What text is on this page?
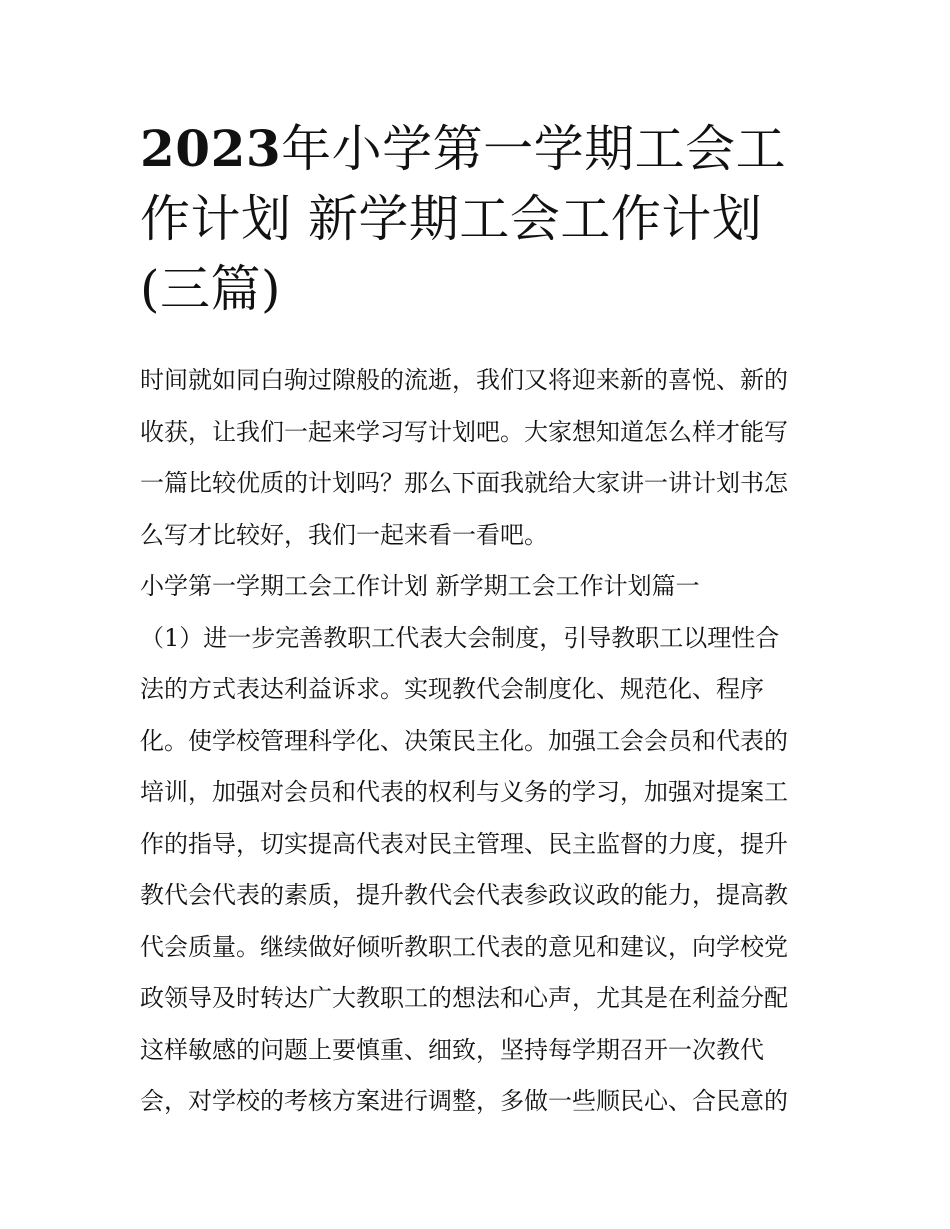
2023年小学第一学期工会工作计划 新学期工会工作计划(三篇)

时间就如同白驹过隙般的流逝，我们又将迎来新的喜悦、新的
收获，让我们一起来学习写计划吧。大家想知道怎么样才能写
一篇比较优质的计划吗？那么下面我就给大家讲一讲计划书怎
么写才比较好，我们一起来看一看吧。

小学第一学期工会工作计划 新学期工会工作计划篇一

（1）进一步完善教职工代表大会制度，引导教职工以理性合
法的方式表达利益诉求。实现教代会制度化、规范化、程序
化。使学校管理科学化、决策民主化。加强工会会员和代表的
培训，加强对会员和代表的权利与义务的学习，加强对提案工
作的指导，切实提高代表对民主管理、民主监督的力度，提升
教代会代表的素质，提升教代会代表参政议政的能力，提高教
代会质量。继续做好倾听教职工代表的意见和建议，向学校党
政领导及时转达广大教职工的想法和心声，尤其是在利益分配
这样敏感的问题上要慎重、细致，坚持每学期召开一次教代
会，对学校的考核方案进行调整，多做一些顺民心、合民意的
